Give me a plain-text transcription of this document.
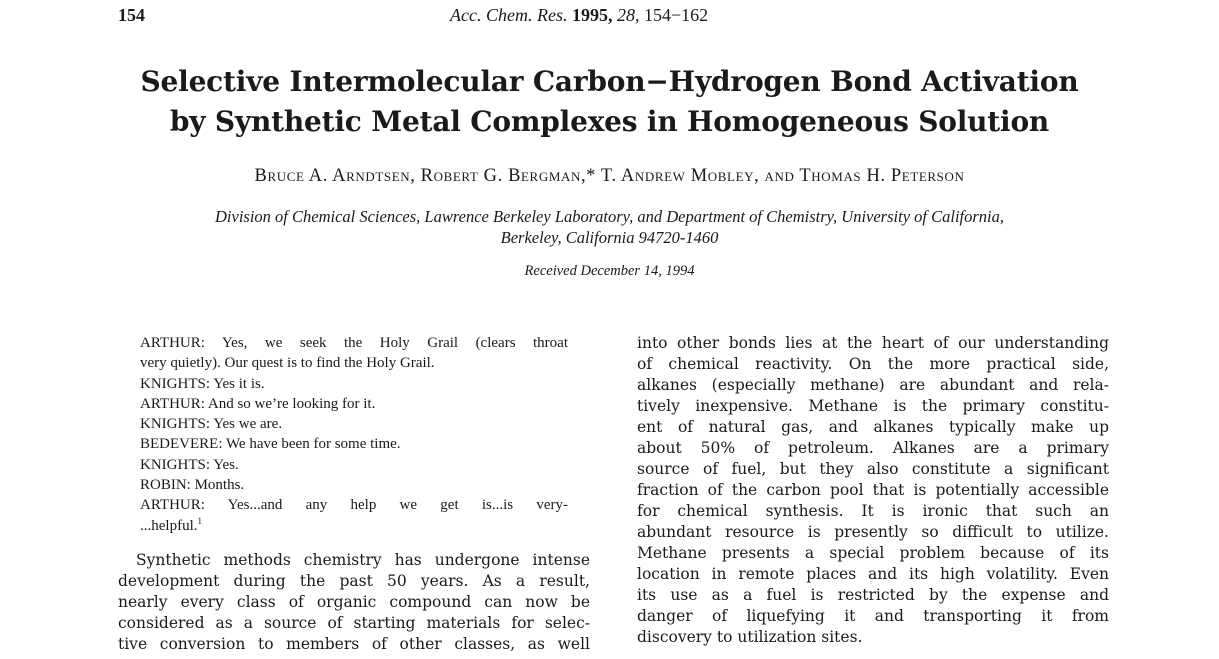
154	Acc. Chem. Res. 1995, 28, 154−162
Selective Intermolecular Carbon−Hydrogen Bond Activation
by Synthetic Metal Complexes in Homogeneous Solution
Bruce A. Arndtsen, Robert G. Bergman,* T. Andrew Mobley, and Thomas H. Peterson
Division of Chemical Sciences, Lawrence Berkeley Laboratory, and Department of Chemistry, University of California,
Berkeley, California 94720-1460
Received December 14, 1994
ARTHUR: Yes, we seek the Holy Grail (clears throat
very quietly). Our quest is to find the Holy Grail.
KNIGHTS: Yes it is.
ARTHUR: And so we’re looking for it.
KNIGHTS: Yes we are.
BEDEVERE: We have been for some time.
KNIGHTS: Yes.
ROBIN: Months.
ARTHUR: Yes...and any help we get is...is very-
...helpful.$^1$
Synthetic methods chemistry has undergone intense
development during the past 50 years. As a result,
nearly every class of organic compound can now be
considered as a source of starting materials for selec-
tive conversion to members of other classes, as well
into other bonds lies at the heart of our understanding
of chemical reactivity. On the more practical side,
alkanes (especially methane) are abundant and rela-
tively inexpensive. Methane is the primary constitu-
ent of natural gas, and alkanes typically make up
about 50% of petroleum. Alkanes are a primary
source of fuel, but they also constitute a significant
fraction of the carbon pool that is potentially accessible
for chemical synthesis. It is ironic that such an
abundant resource is presently so difficult to utilize.
Methane presents a special problem because of its
location in remote places and its high volatility. Even
its use as a fuel is restricted by the expense and
danger of liquefying it and transporting it from
discovery to utilization sites.
